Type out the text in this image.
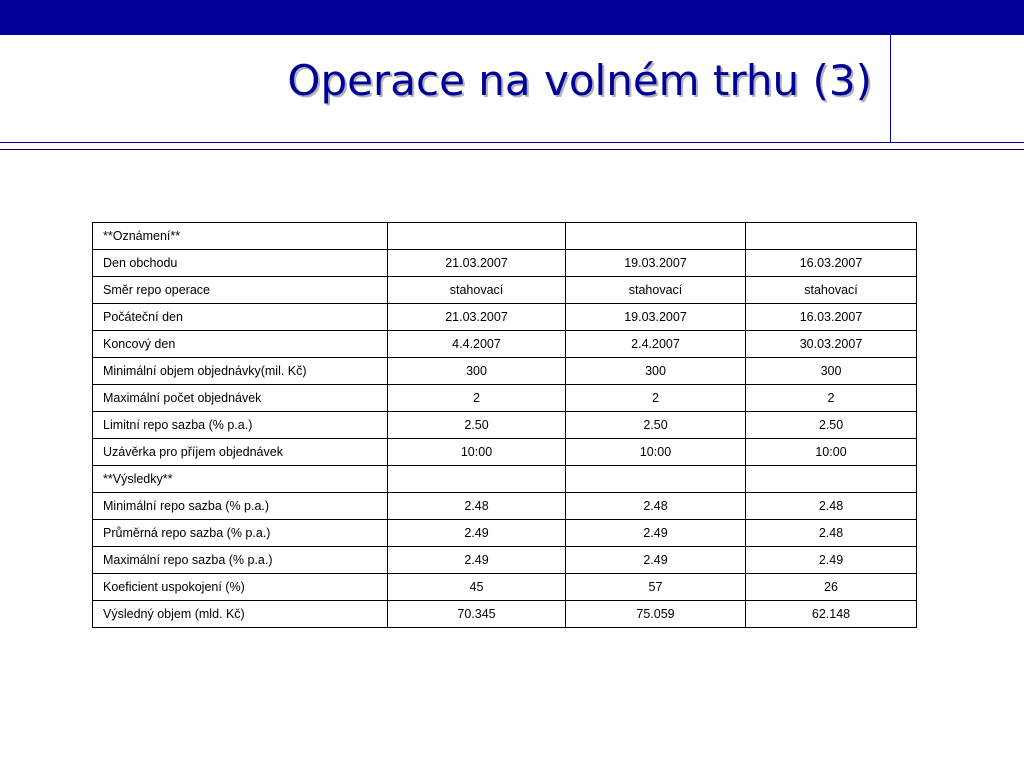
Operace na volném trhu (3)
**Oznámení**			
Den obchodu	21.03.2007	19.03.2007	16.03.2007
Směr repo operace	stahovací	stahovací	stahovací
Počáteční den	21.03.2007	19.03.2007	16.03.2007
Koncový den	4.4.2007	2.4.2007	30.03.2007
Minimální objem objednávky(mil. Kč)	300	300	300
Maximální počet objednávek	2	2	2
Limitní repo sazba (% p.a.)	2.50	2.50	2.50
Uzávěrka pro příjem objednávek	10:00	10:00	10:00
**Výsledky**			
Minimální repo sazba (% p.a.)	2.48	2.48	2.48
Průměrná repo sazba (% p.a.)	2.49	2.49	2.48
Maximální repo sazba (% p.a.)	2.49	2.49	2.49
Koeficient uspokojení (%)	45	57	26
Výsledný objem (mld. Kč)	70.345	75.059	62.148
